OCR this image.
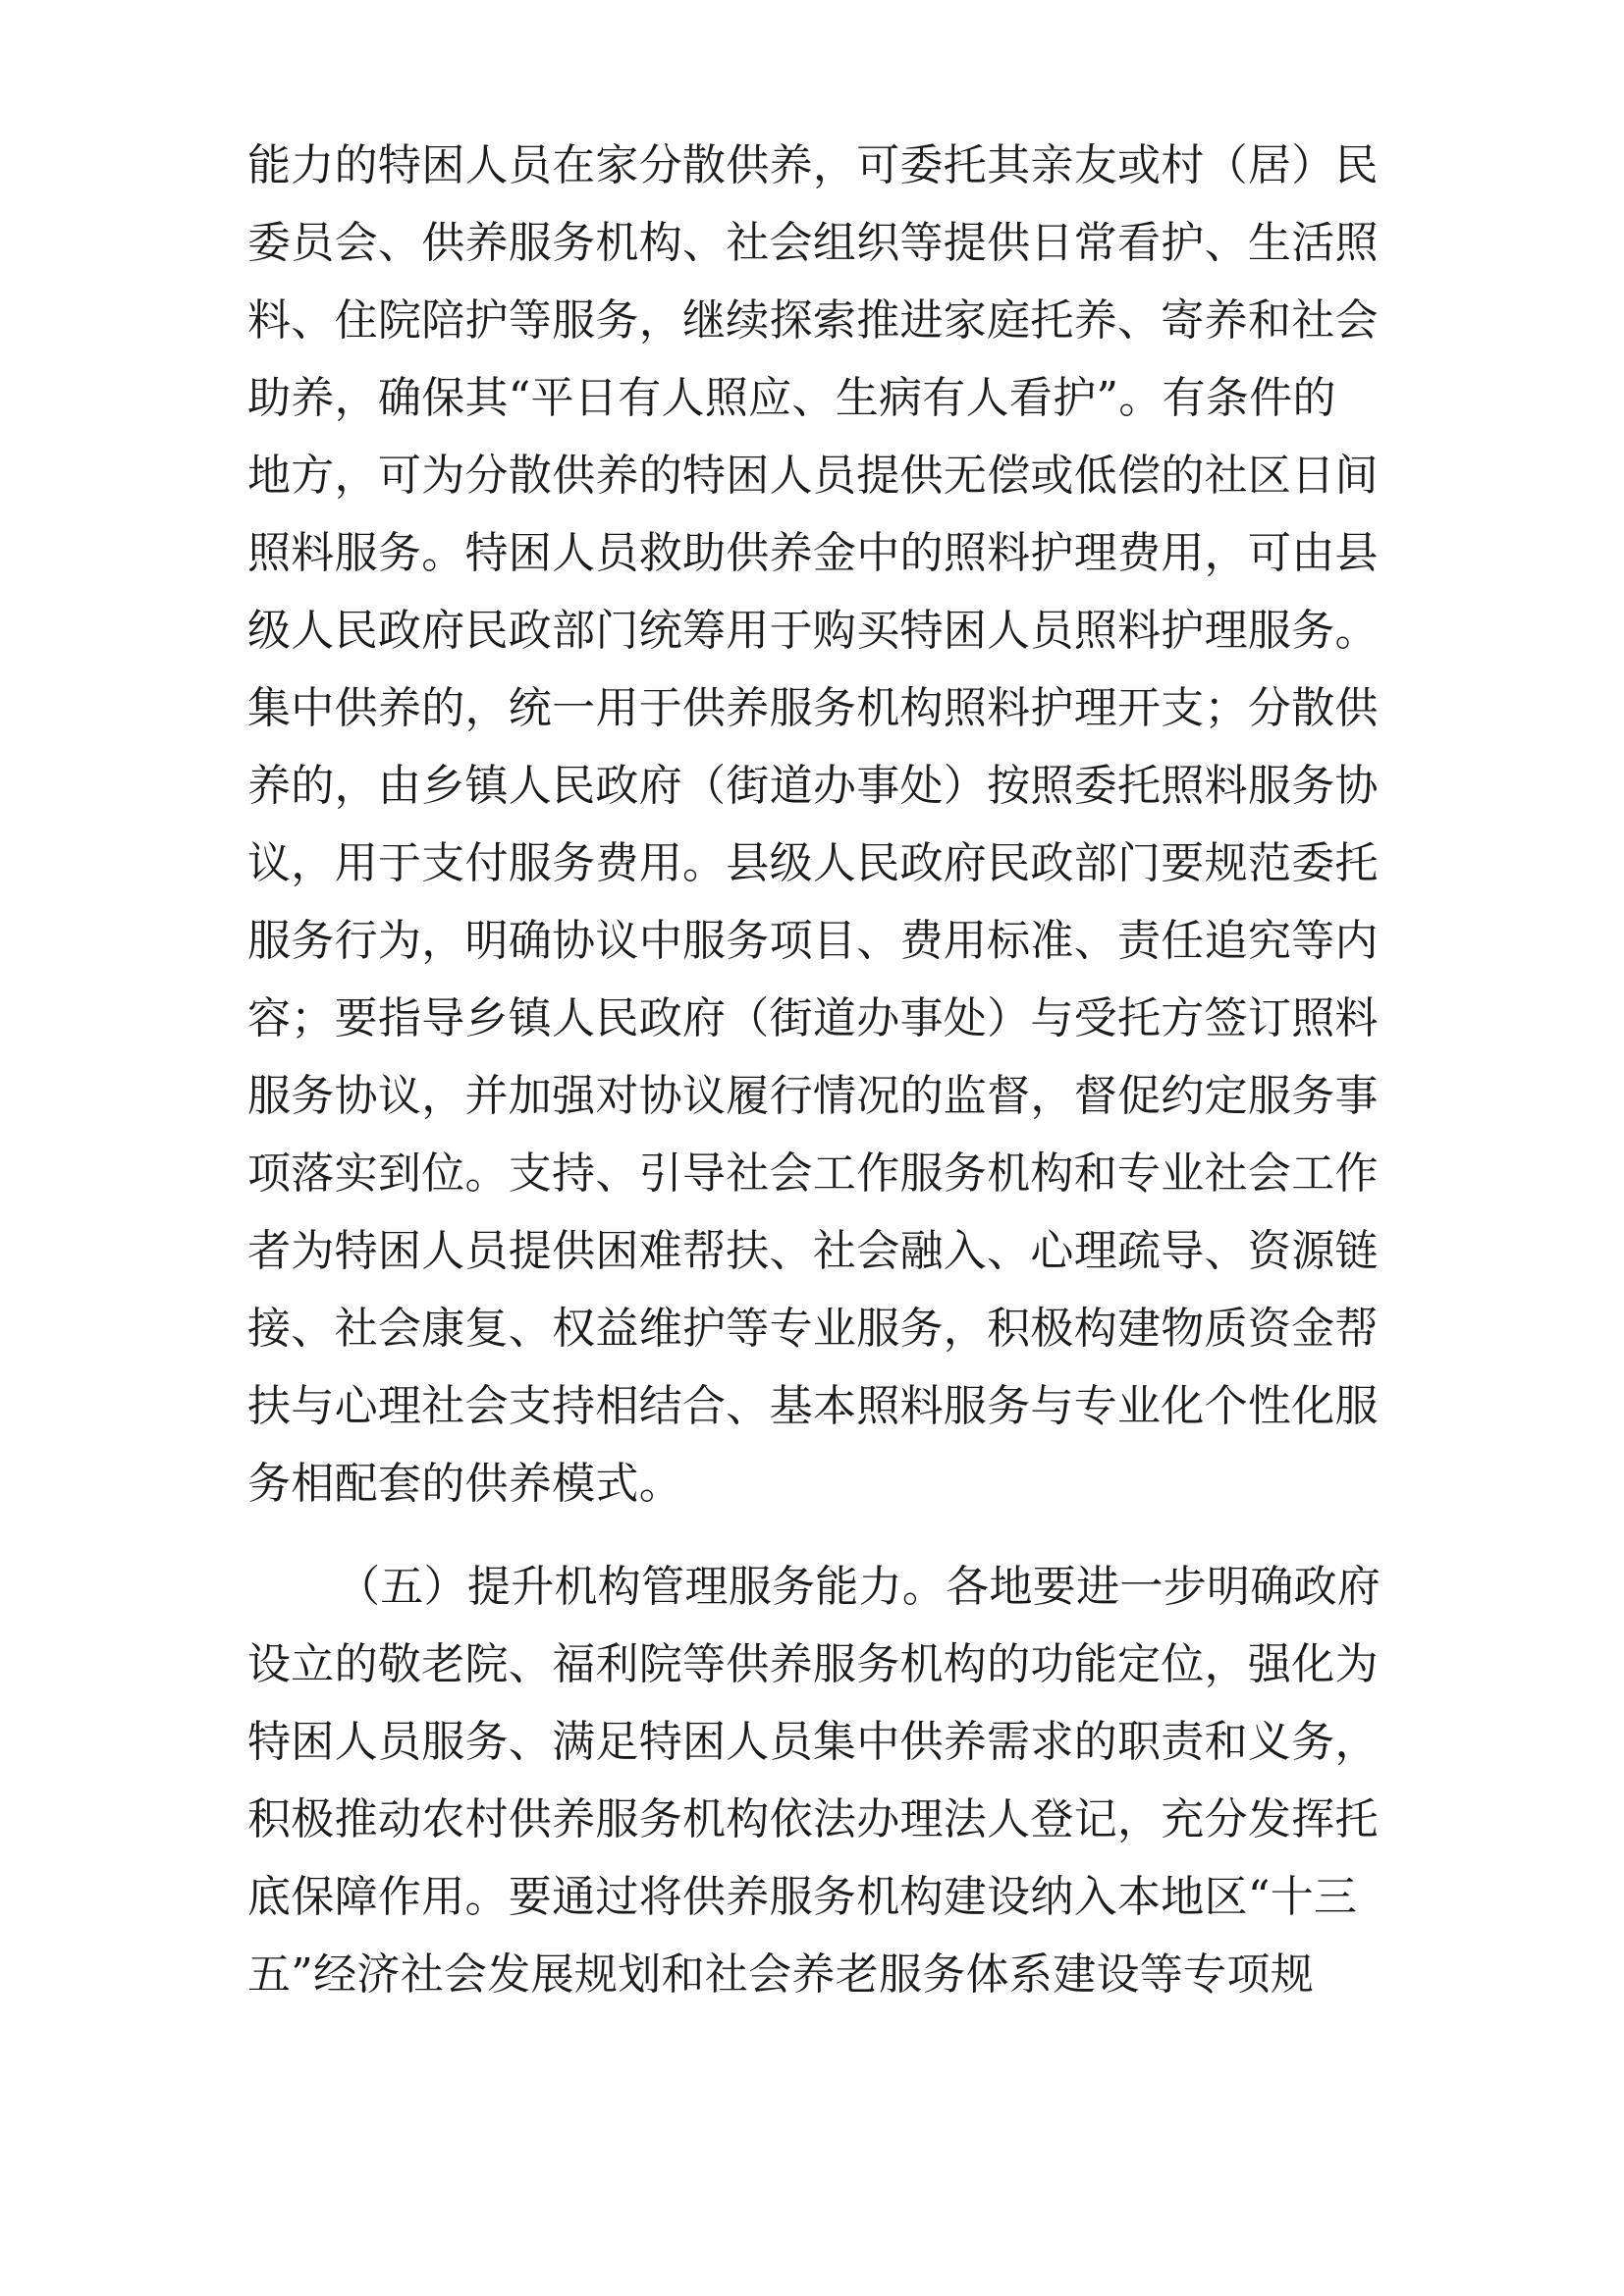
能力的特困人员在家分散供养，可委托其亲友或村（居）民
委员会、供养服务机构、社会组织等提供日常看护、生活照
料、住院陪护等服务，继续探索推进家庭托养、寄养和社会
助养，确保其“平日有人照应、生病有人看护”。有条件的
地方，可为分散供养的特困人员提供无偿或低偿的社区日间
照料服务。特困人员救助供养金中的照料护理费用，可由县
级人民政府民政部门统筹用于购买特困人员照料护理服务。
集中供养的，统一用于供养服务机构照料护理开支；分散供
养的，由乡镇人民政府（街道办事处）按照委托照料服务协
议，用于支付服务费用。县级人民政府民政部门要规范委托
服务行为，明确协议中服务项目、费用标准、责任追究等内
容；要指导乡镇人民政府（街道办事处）与受托方签订照料
服务协议，并加强对协议履行情况的监督，督促约定服务事
项落实到位。支持、引导社会工作服务机构和专业社会工作
者为特困人员提供困难帮扶、社会融入、心理疏导、资源链
接、社会康复、权益维护等专业服务，积极构建物质资金帮
扶与心理社会支持相结合、基本照料服务与专业化个性化服
务相配套的供养模式。
（五）提升机构管理服务能力。各地要进一步明确政府
设立的敬老院、福利院等供养服务机构的功能定位，强化为
特困人员服务、满足特困人员集中供养需求的职责和义务，
积极推动农村供养服务机构依法办理法人登记，充分发挥托
底保障作用。要通过将供养服务机构建设纳入本地区“十三
五”经济社会发展规划和社会养老服务体系建设等专项规
